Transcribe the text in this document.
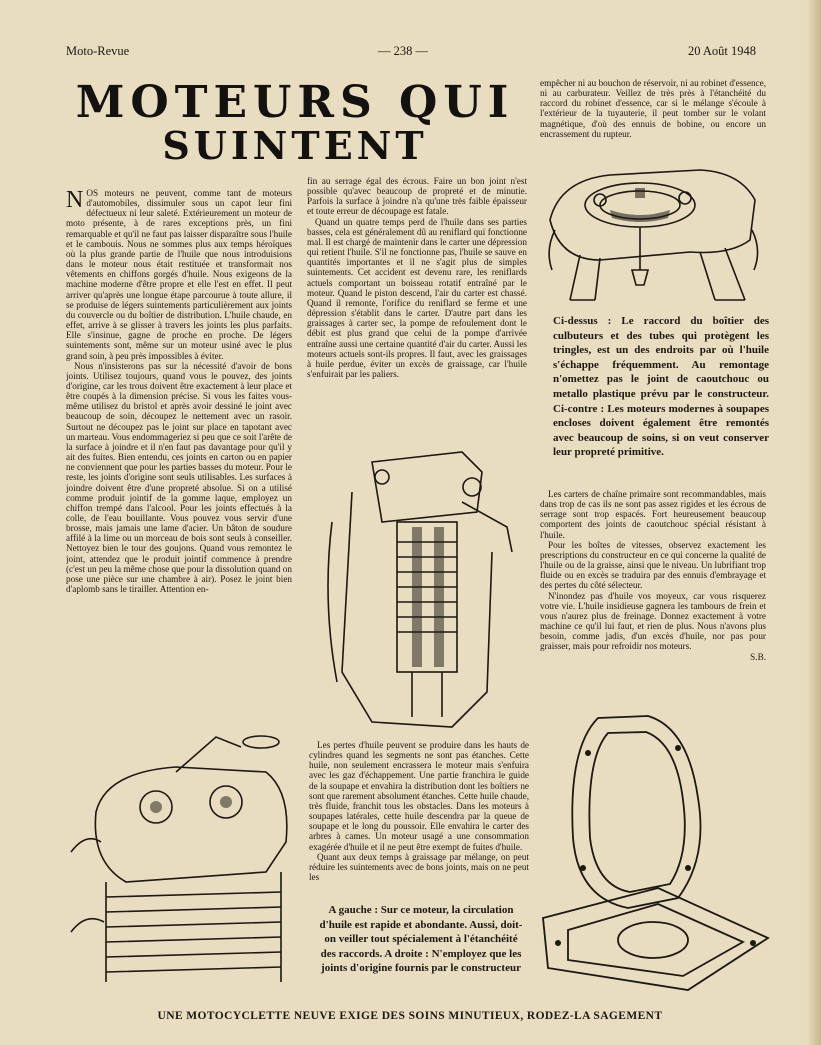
Moto-Revue	— 238 —	20 Août 1948
MOTEURS QUI
SUINTENT

NOS moteurs ne peuvent, comme tant de moteurs d'automobiles, dissimuler sous un capot leur fini défectueux ni leur saleté. Extérieurement un moteur de moto présente, à de rares exceptions près, un fini remarquable et qu'il ne faut pas laisser disparaître sous l'huile et le cambouis. Nous ne sommes plus aux temps héroïques où la plus grande partie de l'huile que nous introduisions dans le moteur nous était restituée et transformait nos vêtements en chiffons gorgés d'huile. Nous exigeons de la machine moderne d'être propre et elle l'est en effet. Il peut arriver qu'après une longue étape parcourue à toute allure, il se produise de légers suintements particulièrement aux joints du couvercle ou du boîtier de distribution. L'huile chaude, en effet, arrive à se glisser à travers les joints les plus parfaits. Elle s'insinue, gagne de proche en proche. De légers suintements sont, même sur un moteur usiné avec le plus grand soin, à peu près impossibles à éviter.

Nous n'insisterons pas sur la nécessité d'avoir de bons joints. Utilisez toujours, quand vous le pouvez, des joints d'origine, car les trous doivent être exactement à leur place et être coupés à la dimension précise. Si vous les faites vous-même utilisez du bristol et après avoir dessiné le joint avec beaucoup de soin, découpez le nettement avec un rasoir. Surtout ne découpez pas le joint sur place en tapotant avec un marteau. Vous endommageriez si peu que ce soit l'arête de la surface à joindre et il n'en faut pas davantage pour qu'il y ait des fuites. Bien entendu, ces joints en carton ou en papier ne conviennent que pour les parties basses du moteur. Pour le reste, les joints d'origine sont seuls utilisables. Les surfaces à joindre doivent être d'une propreté absolue. Si on a utilisé comme produit jointif de la gomme laque, employez un chiffon trempé dans l'alcool. Pour les joints effectués à la colle, de l'eau bouillante. Vous pouvez vous servir d'une brosse, mais jamais une lame d'acier. Un bâton de soudure affilé à la lime ou un morceau de bois sont seuls à conseiller. Nettoyez bien le tour des goujons. Quand vous remontez le joint, attendez que le produit jointif commence à prendre (c'est un peu la même chose que pour la dissolution quand on pose une pièce sur une chambre à air). Posez le joint bien d'aplomb sans le tirailler. Attention en-

fin au serrage égal des écrous. Faire un bon joint n'est possible qu'avec beaucoup de propreté et de minutie. Parfois la surface à joindre n'a qu'une très faible épaisseur et toute erreur de découpage est fatale.

Quand un quatre temps perd de l'huile dans ses parties basses, cela est généralement dû au reniflard qui fonctionne mal. Il est chargé de maintenir dans le carter une dépression qui retient l'huile. S'il ne fonctionne pas, l'huile se sauve en quantités importantes et il ne s'agit plus de simples suintements. Cet accident est devenu rare, les reniflards actuels comportant un boisseau rotatif entraîné par le moteur. Quand le piston descend, l'air du carter est chassé. Quand il remonte, l'orifice du reniflard se ferme et une dépression s'établit dans le carter. D'autre part dans les graissages à carter sec, la pompe de refoulement dont le débit est plus grand que celui de la pompe d'arrivée entraîne aussi une certaine quantité d'air du carter. Aussi les moteurs actuels sont-ils propres. Il faut, avec les graissages à huile perdue, éviter un excès de graissage, car l'huile s'enfuirait par les paliers.

Les pertes d'huile peuvent se produire dans les hauts de cylindres quand les segments ne sont pas étanches. Cette huile, non seulement encrassera le moteur mais s'enfuira avec les gaz d'échappement. Une partie franchira le guide de la soupape et envahira la distribution dont les boîtiers ne sont que rarement absolument étanches. Cette huile chaude, très fluide, franchit tous les obstacles. Dans les moteurs à soupapes latérales, cette huile descendra par la queue de soupape et le long du poussoir. Elle envahira le carter des arbres à cames. Un moteur usagé a une consommation exagérée d'huile et il ne peut être exempt de fuites d'huile.

Quant aux deux temps à graissage par mélange, on peut réduire les suintements avec de bons joints, mais on ne peut les

empêcher ni au bouchon de réservoir, ni au robinet d'essence, ni au carburateur. Veillez de très près à l'étanchéité du raccord du robinet d'essence, car si le mélange s'écoule à l'extérieur de la tuyauterie, il peut tomber sur le volant magnétique, d'où des ennuis de bobine, ou encore un encrassement du rupteur.

Les carters de chaîne primaire sont recommandables, mais dans trop de cas ils ne sont pas assez rigides et les écrous de serrage sont trop espacés. Fort heureusement beaucoup comportent des joints de caoutchouc spécial résistant à l'huile.

Pour les boîtes de vitesses, observez exactement les prescriptions du constructeur en ce qui concerne la qualité de l'huile ou de la graisse, ainsi que le niveau. Un lubrifiant trop fluide ou en excès se traduira par des ennuis d'embrayage et des pertes du côté sélecteur.

N'inondez pas d'huile vos moyeux, car vous risquerez votre vie. L'huile insidieuse gagnera les tambours de frein et vous n'aurez plus de freinage. Donnez exactement à votre machine ce qu'il lui faut, et rien de plus. Nous n'avons plus besoin, comme jadis, d'un excès d'huile, nor pas pour graisser, mais pour refroidir nos moteurs.

S.B.

Ci-dessus : Le raccord du boîtier des culbuteurs et des tubes qui protègent les tringles, est un des endroits par où l'huile s'échappe fréquemment. Au remontage n'omettez pas le joint de caoutchouc ou metallo plastique prévu par le constructeur. Ci-contre : Les moteurs modernes à soupapes encloses doivent également être remontés avec beaucoup de soins, si on veut conserver leur propreté primitive.
A gauche : Sur ce moteur, la circulation d'huile est rapide et abondante. Aussi, doit-on veiller tout spécialement à l'étanchéité des raccords. A droite : N'employez que les joints d'origine fournis par le constructeur
UNE MOTOCYCLETTE NEUVE EXIGE DES SOINS MINUTIEUX, RODEZ-LA SAGEMENT
